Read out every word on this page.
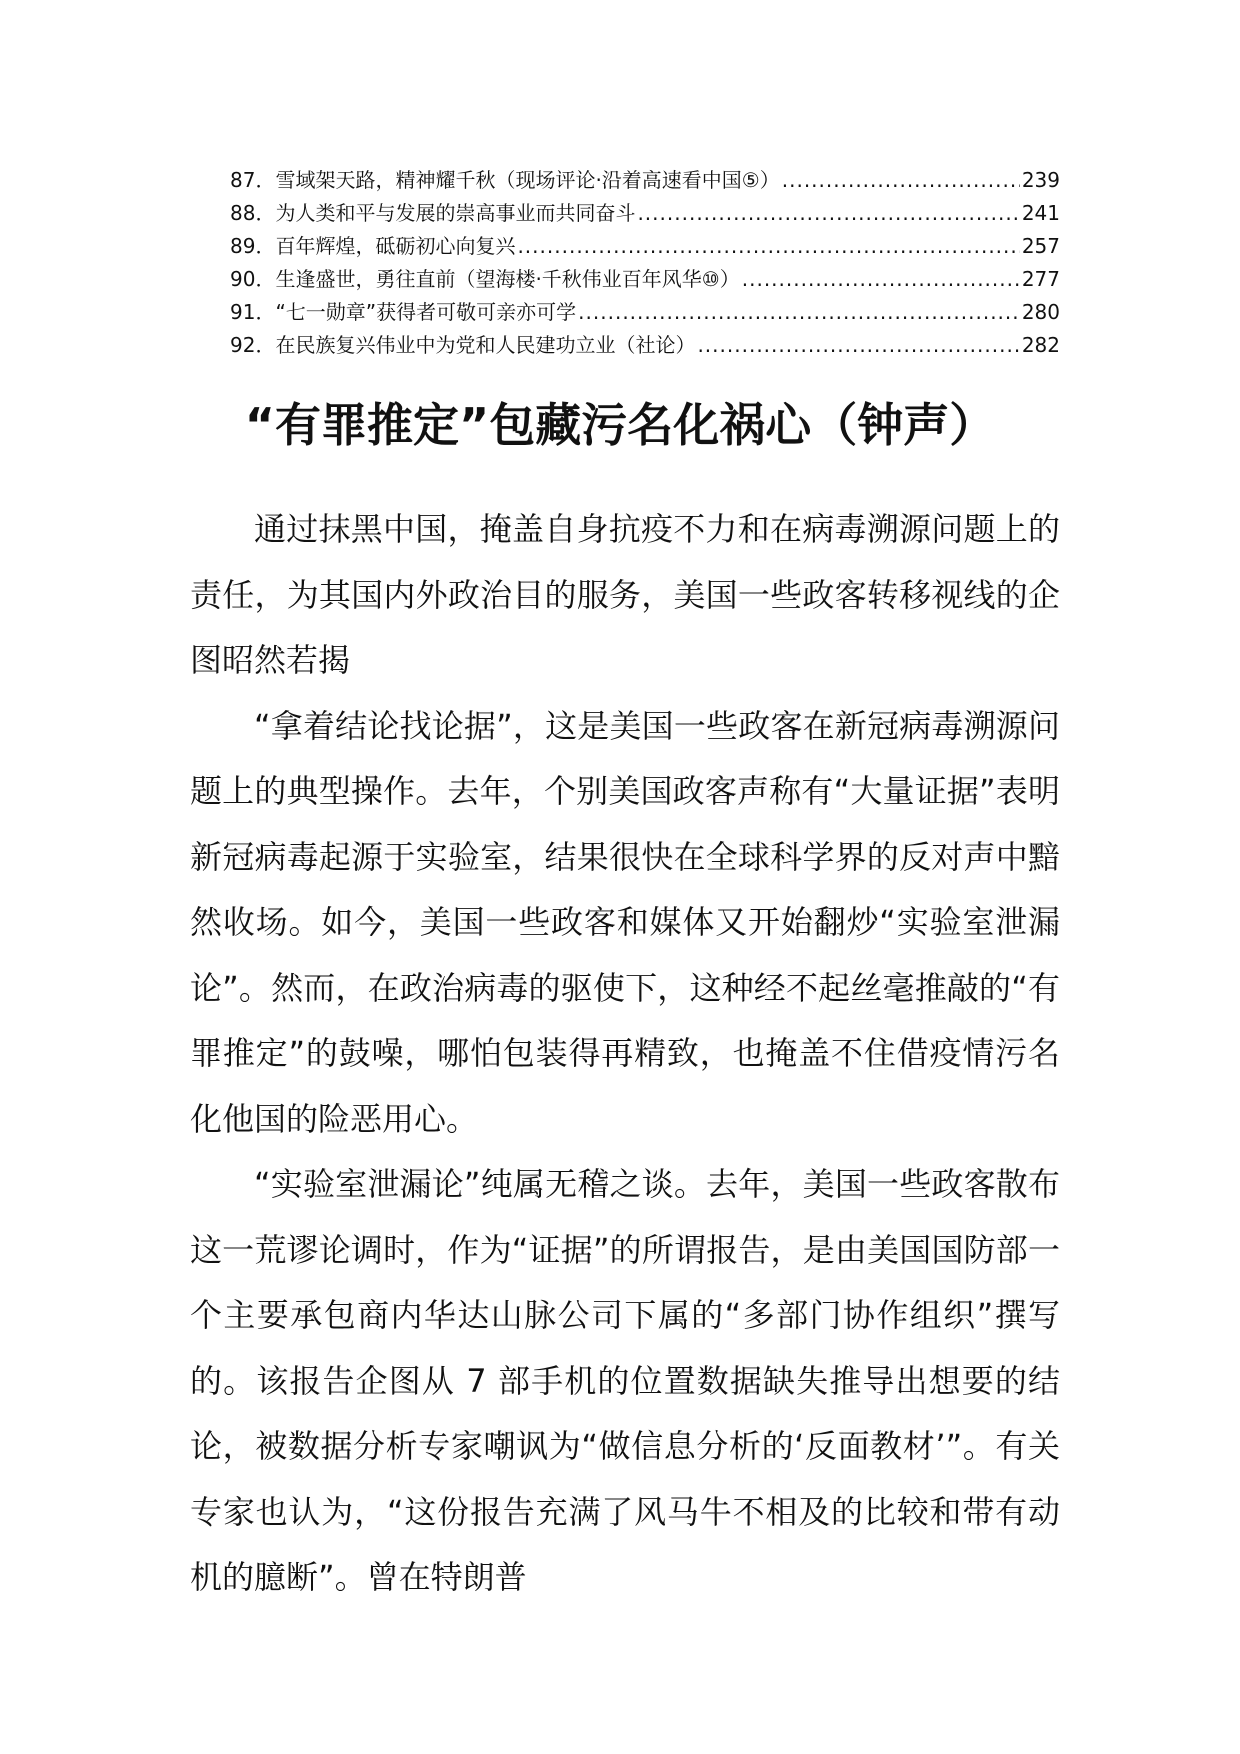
87．雪域架天路，精神耀千秋（现场评论·沿着高速看中国⑤） .....	239
88．为人类和平与发展的崇高事业而共同奋斗 .....	241
89．百年辉煌，砥砺初心向复兴 .....	257
90．生逢盛世，勇往直前（望海楼·千秋伟业百年风华⑩） .....	277
91．“七一勋章”获得者可敬可亲亦可学 .....	280
92．在民族复兴伟业中为党和人民建功立业（社论） .....	282
“有罪推定”包藏污名化祸心（钟声）

通过抹黑中国，掩盖自身抗疫不力和在病毒溯源问题上的责任，为其国内外政治目的服务，美国一些政客转移视线的企图昭然若揭

“拿着结论找论据”，这是美国一些政客在新冠病毒溯源问题上的典型操作。去年，个别美国政客声称有“大量证据”表明新冠病毒起源于实验室，结果很快在全球科学界的反对声中黯然收场。如今，美国一些政客和媒体又开始翻炒“实验室泄漏论”。然而，在政治病毒的驱使下，这种经不起丝毫推敲的“有罪推定”的鼓噪，哪怕包装得再精致，也掩盖不住借疫情污名化他国的险恶用心。

“实验室泄漏论”纯属无稽之谈。去年，美国一些政客散布这一荒谬论调时，作为“证据”的所谓报告，是由美国国防部一个主要承包商内华达山脉公司下属的“多部门协作组织”撰写的。该报告企图从 7 部手机的位置数据缺失推导出想要的结论，被数据分析专家嘲讽为“做信息分析的‘反面教材’”。有关专家也认为，“这份报告充满了风马牛不相及的比较和带有动机的臆断”。曾在特朗普
